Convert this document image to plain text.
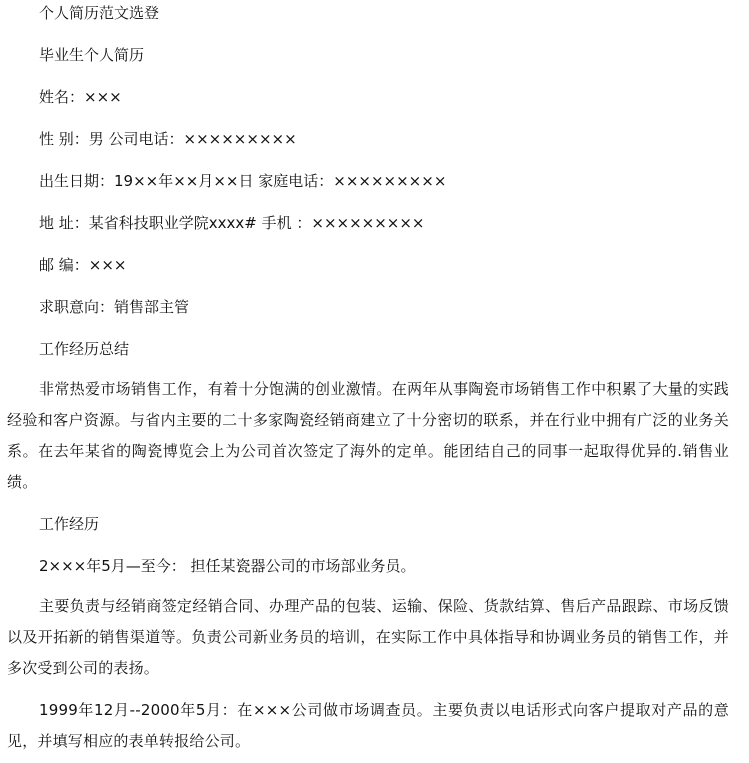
个人简历范文选登

毕业生个人简历

姓名：×××

性 别：男 公司电话：×××××××××

出生日期：19××年××月××日 家庭电话：×××××××××

地 址：某省科技职业学院xxxx# 手机 ：×××××××××

邮 编：×××

求职意向：销售部主管

工作经历总结

非常热爱市场销售工作，有着十分饱满的创业激情。在两年从事陶瓷市场销售工作中积累了大量的实践经验和客户资源。与省内主要的二十多家陶瓷经销商建立了十分密切的联系，并在行业中拥有广泛的业务关系。在去年某省的陶瓷博览会上为公司首次签定了海外的定单。能团结自己的同事一起取得优异的.销售业绩。

工作经历

2×××年5月—至今： 担任某瓷器公司的市场部业务员。

主要负责与经销商签定经销合同、办理产品的包装、运输、保险、货款结算、售后产品跟踪、市场反馈以及开拓新的销售渠道等。负责公司新业务员的培训，在实际工作中具体指导和协调业务员的销售工作，并多次受到公司的表扬。

1999年12月--2000年5月：在×××公司做市场调查员。主要负责以电话形式向客户提取对产品的意见，并填写相应的表单转报给公司。
